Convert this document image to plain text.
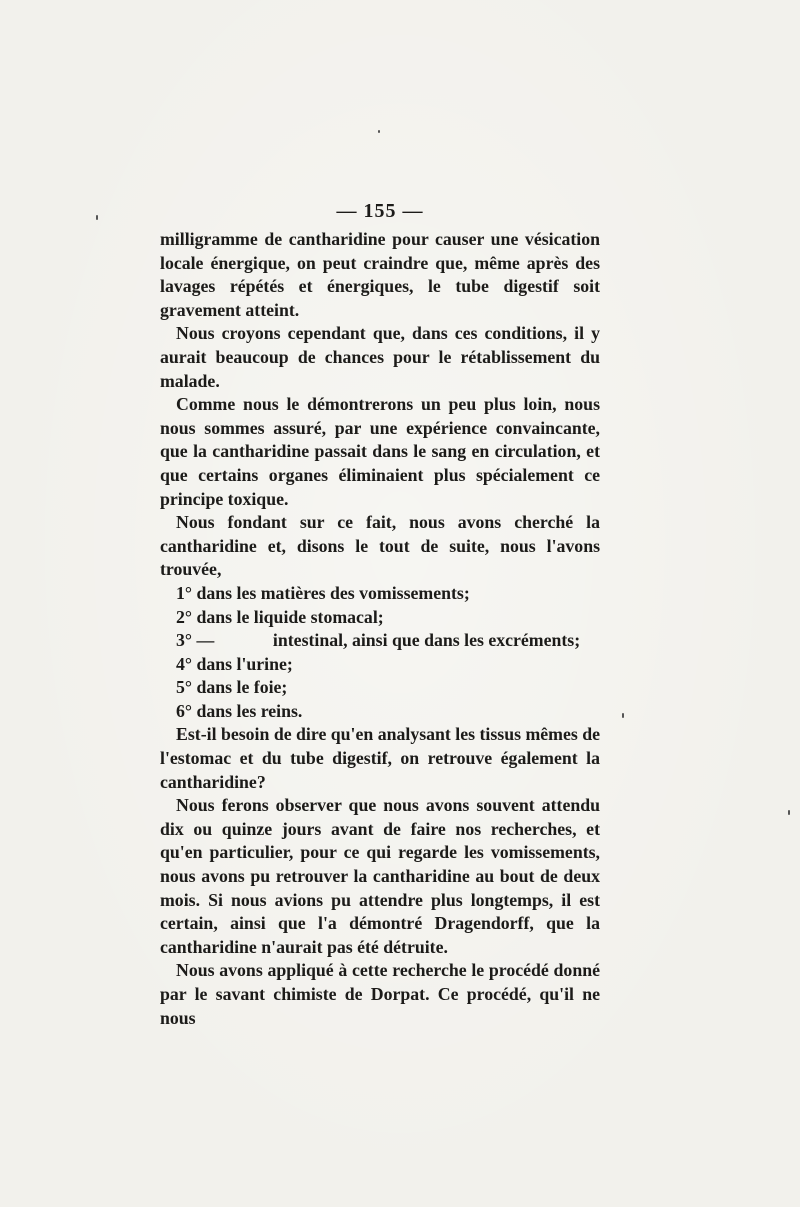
— 155 —

milligramme de cantharidine pour causer une vésication locale énergique, on peut craindre que, même après des lavages répétés et énergiques, le tube digestif soit gravement atteint.

Nous croyons cependant que, dans ces conditions, il y aurait beaucoup de chances pour le rétablissement du malade.

Comme nous le démontrerons un peu plus loin, nous nous sommes assuré, par une expérience convaincante, que la cantharidine passait dans le sang en circulation, et que certains organes éliminaient plus spécialement ce principe toxique.

Nous fondant sur ce fait, nous avons cherché la cantharidine et, disons le tout de suite, nous l'avons trouvée,

1° dans les matières des vomissements;

2° dans le liquide stomacal;

3° —	intestinal, ainsi que dans les excréments;

4° dans l'urine;

5° dans le foie;

6° dans les reins.

Est-il besoin de dire qu'en analysant les tissus mêmes de l'estomac et du tube digestif, on retrouve également la cantharidine?

Nous ferons observer que nous avons souvent attendu dix ou quinze jours avant de faire nos recherches, et qu'en particulier, pour ce qui regarde les vomissements, nous avons pu retrouver la cantharidine au bout de deux mois. Si nous avions pu attendre plus longtemps, il est certain, ainsi que l'a démontré Dragendorff, que la cantharidine n'aurait pas été détruite.

Nous avons appliqué à cette recherche le procédé donné par le savant chimiste de Dorpat. Ce procédé, qu'il ne nous
